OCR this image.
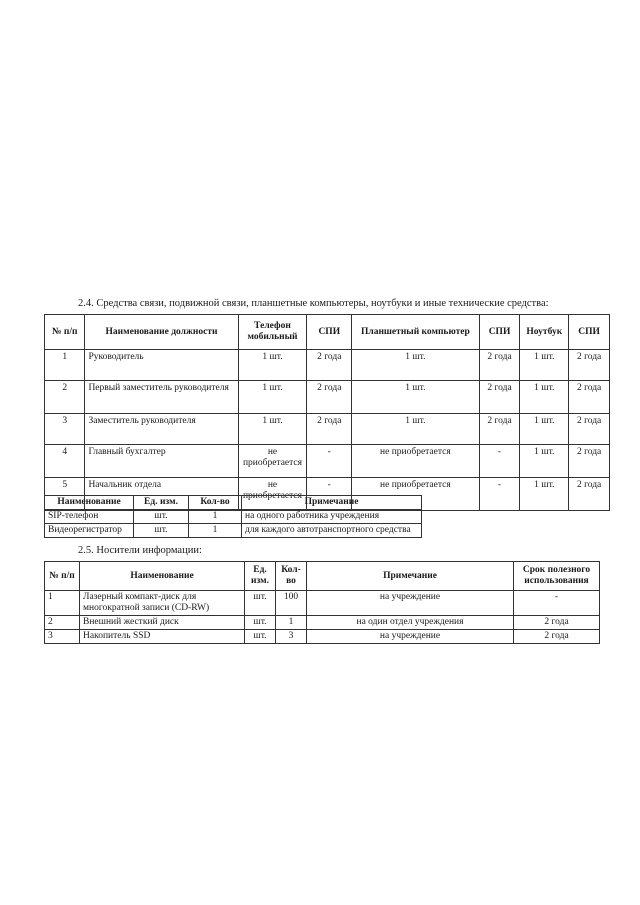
2.4. Средства связи, подвижной связи, планшетные компьютеры, ноутбуки и иные технические средства:
№ п/п	Наименование должности	Телефон мобильный	СПИ	Планшетный компьютер	СПИ	Ноутбук	СПИ
1	Руководитель	1 шт.	2 года	1 шт.	2 года	1 шт.	2 года
2	Первый заместитель руководителя	1 шт.	2 года	1 шт.	2 года	1 шт.	2 года
3	Заместитель руководителя	1 шт.	2 года	1 шт.	2 года	1 шт.	2 года
4	Главный бухгалтер	не приобретается	-	не приобретается	-	1 шт.	2 года
5	Начальник отдела	не приобретается	-	не приобретается	-	1 шт.	2 года
Наименование	Ед. изм.	Кол-во	Примечание
SIP-телефон	шт.	1	на одного работника учреждения
Видеорегистратор	шт.	1	для каждого автотранспортного средства
2.5. Носители информации:
№ п/п	Наименование	Ед. изм.	Кол-во	Примечание	Срок полезного использования
1	Лазерный компакт-диск для многократной записи (CD-RW)	шт.	100	на учреждение	-
2	Внешний жесткий диск	шт.	1	на один отдел учреждения	2 года
3	Накопитель SSD	шт.	3	на учреждение	2 года
